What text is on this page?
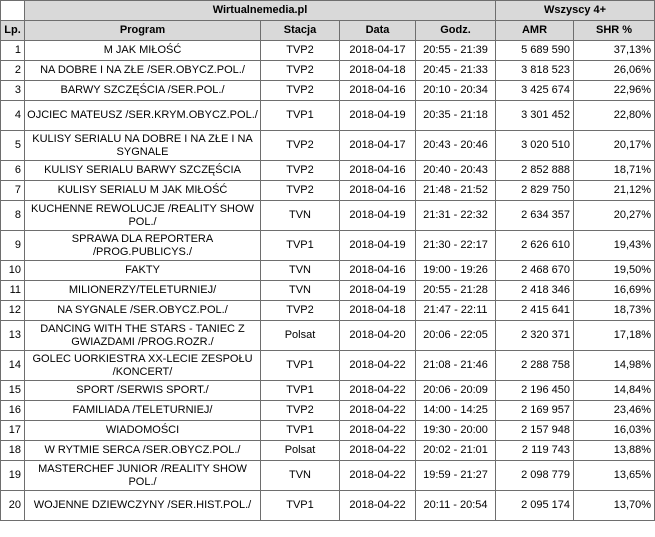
	Wirtualnemedia.pl				Wszyscy 4+	
Lp.	Program	Stacja	Data	Godz.	AMR	SHR %
1	M JAK MIŁOŚĆ	TVP2	2018-04-17	20:55 - 21:39	5 689 590	37,13%
2	NA DOBRE I NA ZŁE /SER.OBYCZ.POL./	TVP2	2018-04-18	20:45 - 21:33	3 818 523	26,06%
3	BARWY SZCZĘŚCIA /SER.POL./	TVP2	2018-04-16	20:10 - 20:34	3 425 674	22,96%
4	OJCIEC MATEUSZ /SER.KRYM.OBYCZ.POL./	TVP1	2018-04-19	20:35 - 21:18	3 301 452	22,80%
5	KULISY SERIALU NA DOBRE I NA ZŁE I NA SYGNALE	TVP2	2018-04-17	20:43 - 20:46	3 020 510	20,17%
6	KULISY SERIALU BARWY SZCZĘŚCIA	TVP2	2018-04-16	20:40 - 20:43	2 852 888	18,71%
7	KULISY SERIALU M JAK MIŁOŚĆ	TVP2	2018-04-16	21:48 - 21:52	2 829 750	21,12%
8	KUCHENNE REWOLUCJE /REALITY SHOW POL./	TVN	2018-04-19	21:31 - 22:32	2 634 357	20,27%
9	SPRAWA DLA REPORTERA /PROG.PUBLICYS./	TVP1	2018-04-19	21:30 - 22:17	2 626 610	19,43%
10	FAKTY	TVN	2018-04-16	19:00 - 19:26	2 468 670	19,50%
11	MILIONERZY/TELETURNIEJ/	TVN	2018-04-19	20:55 - 21:28	2 418 346	16,69%
12	NA SYGNALE /SER.OBYCZ.POL./	TVP2	2018-04-18	21:47 - 22:11	2 415 641	18,73%
13	DANCING WITH THE STARS - TANIEC Z GWIAZDAMI /PROG.ROZR./	Polsat	2018-04-20	20:06 - 22:05	2 320 371	17,18%
14	GOLEC UORKIESTRA XX-LECIE ZESPOŁU /KONCERT/	TVP1	2018-04-22	21:08 - 21:46	2 288 758	14,98%
15	SPORT /SERWIS SPORT./	TVP1	2018-04-22	20:06 - 20:09	2 196 450	14,84%
16	FAMILIADA /TELETURNIEJ/	TVP2	2018-04-22	14:00 - 14:25	2 169 957	23,46%
17	WIADOMOŚCI	TVP1	2018-04-22	19:30 - 20:00	2 157 948	16,03%
18	W RYTMIE SERCA /SER.OBYCZ.POL./	Polsat	2018-04-22	20:02 - 21:01	2 119 743	13,88%
19	MASTERCHEF JUNIOR /REALITY SHOW POL./	TVN	2018-04-22	19:59 - 21:27	2 098 779	13,65%
20	WOJENNE DZIEWCZYNY /SER.HIST.POL./	TVP1	2018-04-22	20:11 - 20:54	2 095 174	13,70%
